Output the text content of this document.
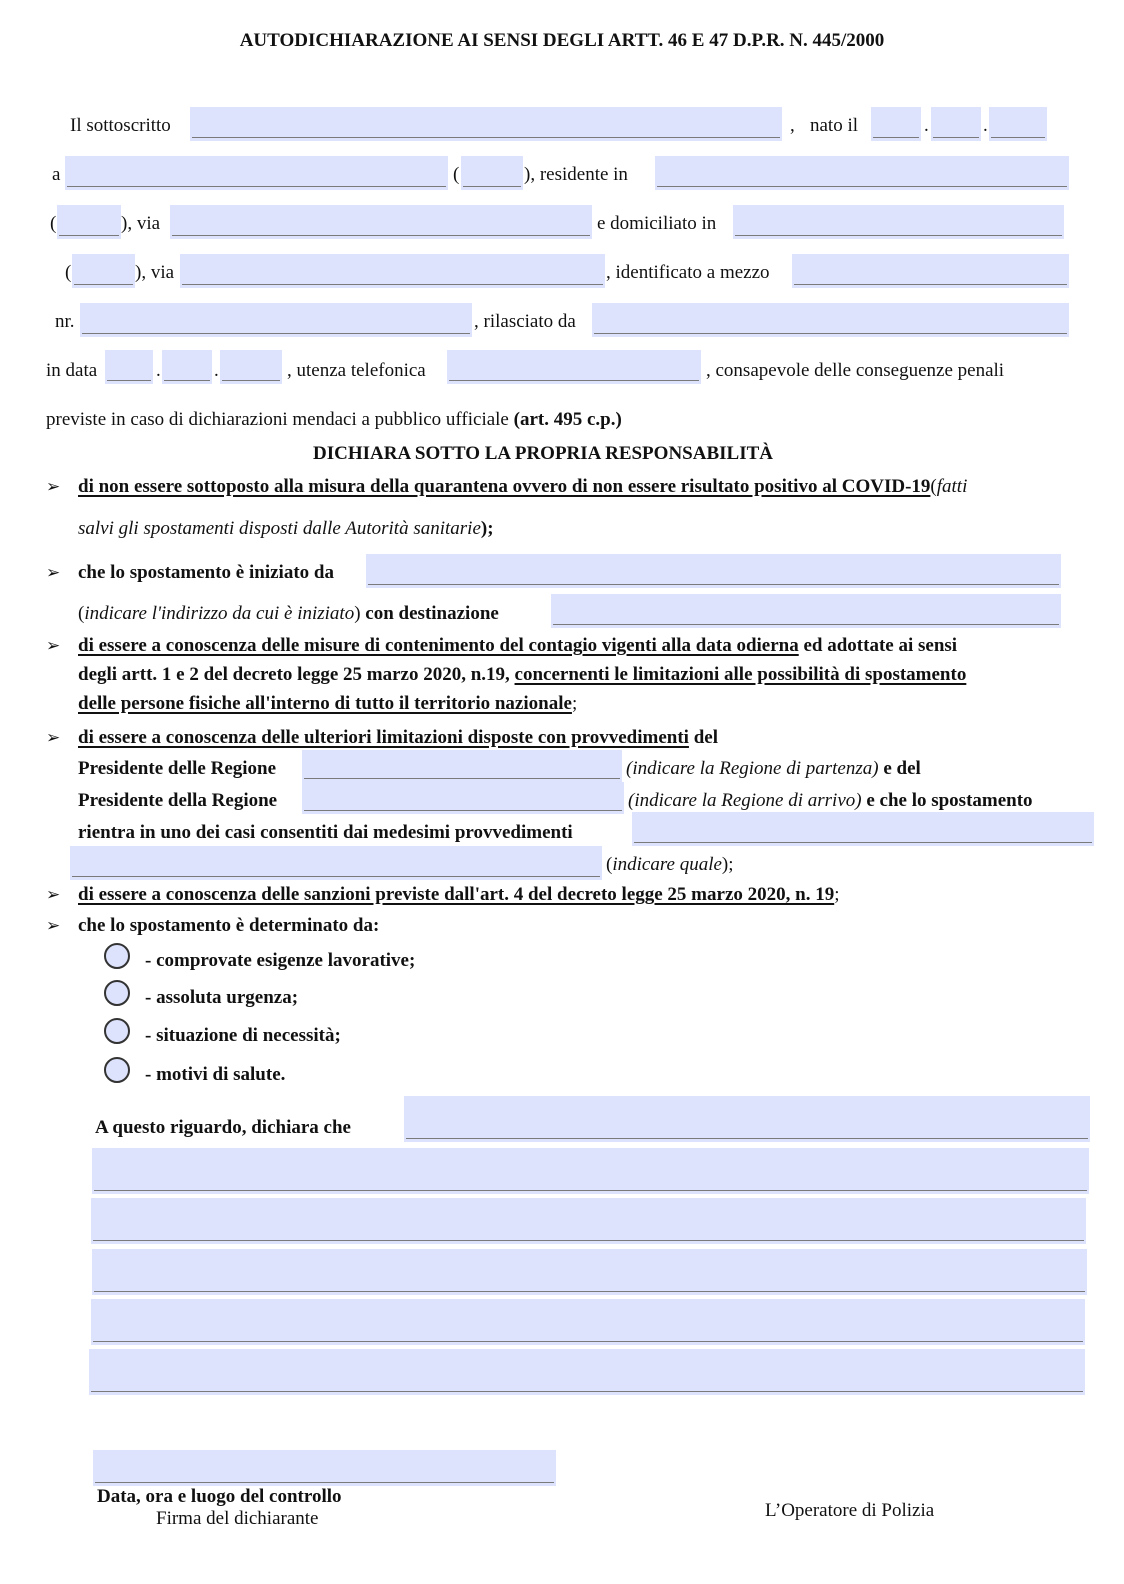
AUTODICHIARAZIONE AI SENSI DEGLI ARTT. 46 E 47 D.P.R. N. 445/2000
Il sottoscritto	, nato il	.	.
a	(	), residente in
(	), via	e domiciliato in
(	), via	, identificato a mezzo
nr.	, rilasciato da
in data	.	.	, utenza telefonica	, consapevole delle conseguenze penali
previste in caso di dichiarazioni mendaci a pubblico ufficiale (art. 495 c.p.)
DICHIARA SOTTO LA PROPRIA RESPONSABILITÀ
➢ di non essere sottoposto alla misura della quarantena ovvero di non essere risultato positivo al COVID-19(fatti
salvi gli spostamenti disposti dalle Autorità sanitarie);
➢ che lo spostamento è iniziato da
(indicare l'indirizzo da cui è iniziato) con destinazione
➢ di essere a conoscenza delle misure di contenimento del contagio vigenti alla data odierna ed adottate ai sensi
degli artt. 1 e 2 del decreto legge 25 marzo 2020, n.19, concernenti le limitazioni alle possibilità di spostamento
delle persone fisiche all'interno di tutto il territorio nazionale;
➢ di essere a conoscenza delle ulteriori limitazioni disposte con provvedimenti del
Presidente delle Regione	(indicare la Regione di partenza) e del
Presidente della Regione	(indicare la Regione di arrivo) e che lo spostamento
rientra in uno dei casi consentiti dai medesimi provvedimenti
(indicare quale);
➢ di essere a conoscenza delle sanzioni previste dall'art. 4 del decreto legge 25 marzo 2020, n. 19;
➢ che lo spostamento è determinato da:
- comprovate esigenze lavorative;
- assoluta urgenza;
- situazione di necessità;
- motivi di salute.
A questo riguardo, dichiara che
Data, ora e luogo del controllo
Firma del dichiarante	L’Operatore di Polizia
